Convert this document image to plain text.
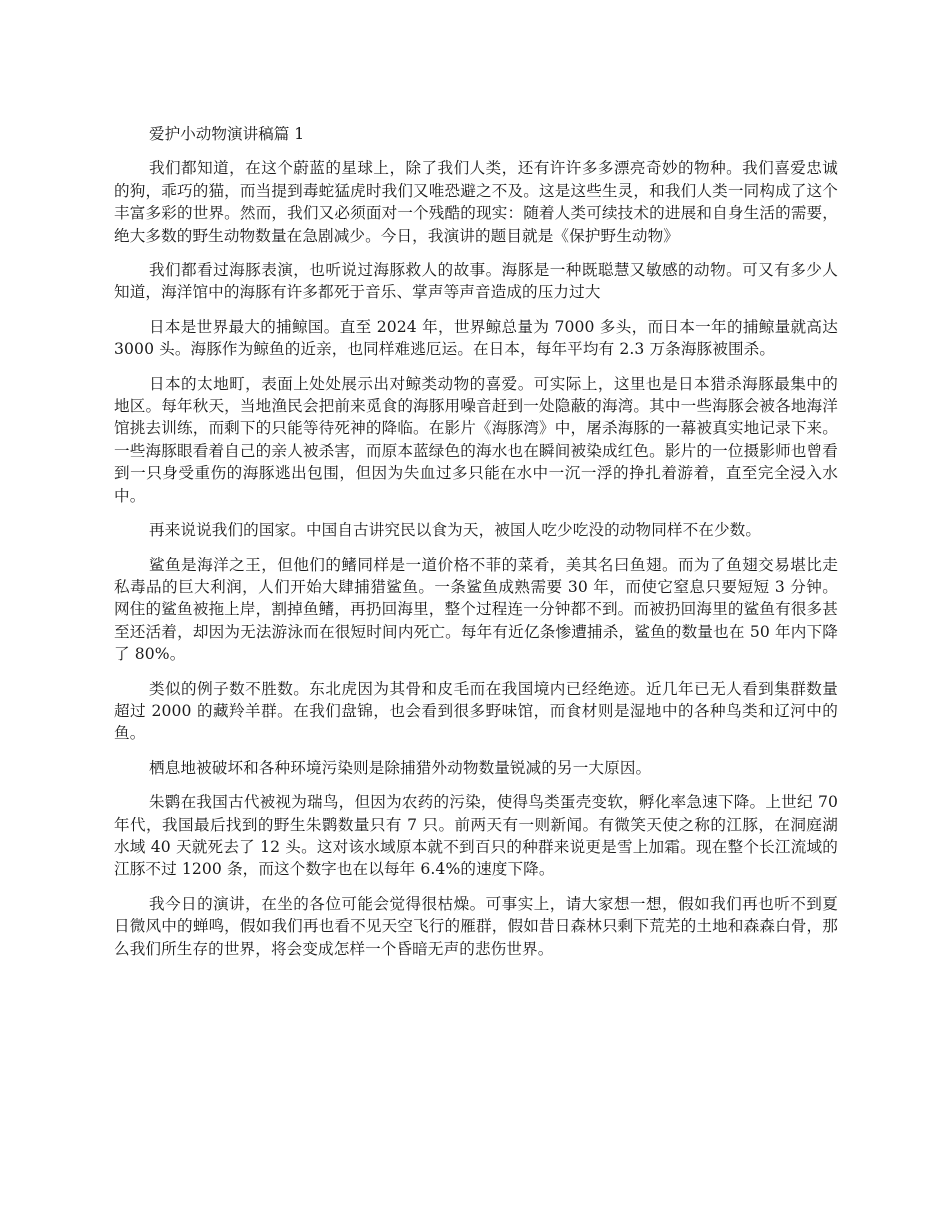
爱护小动物演讲稿篇 1

我们都知道，在这个蔚蓝的星球上，除了我们人类，还有许许多多漂亮奇妙的物种。我们喜爱忠诚的狗，乖巧的猫，而当提到毒蛇猛虎时我们又唯恐避之不及。这是这些生灵，和我们人类一同构成了这个丰富多彩的世界。然而，我们又必须面对一个残酷的现实：随着人类可续技术的进展和自身生活的需要，绝大多数的野生动物数量在急剧减少。今日，我演讲的题目就是《保护野生动物》

我们都看过海豚表演，也听说过海豚救人的故事。海豚是一种既聪慧又敏感的动物。可又有多少人知道，海洋馆中的海豚有许多都死于音乐、掌声等声音造成的压力过大

日本是世界最大的捕鲸国。直至 2024 年，世界鲸总量为 7000 多头，而日本一年的捕鲸量就高达 3000 头。海豚作为鲸鱼的近亲，也同样难逃厄运。在日本，每年平均有 2.3 万条海豚被围杀。

日本的太地町，表面上处处展示出对鲸类动物的喜爱。可实际上，这里也是日本猎杀海豚最集中的地区。每年秋天，当地渔民会把前来觅食的海豚用噪音赶到一处隐蔽的海湾。其中一些海豚会被各地海洋馆挑去训练，而剩下的只能等待死神的降临。在影片《海豚湾》中，屠杀海豚的一幕被真实地记录下来。一些海豚眼看着自己的亲人被杀害，而原本蓝绿色的海水也在瞬间被染成红色。影片的一位摄影师也曾看到一只身受重伤的海豚逃出包围，但因为失血过多只能在水中一沉一浮的挣扎着游着，直至完全浸入水中。

再来说说我们的国家。中国自古讲究民以食为天，被国人吃少吃没的动物同样不在少数。

鲨鱼是海洋之王，但他们的鳍同样是一道价格不菲的菜肴，美其名曰鱼翅。而为了鱼翅交易堪比走私毒品的巨大利润，人们开始大肆捕猎鲨鱼。一条鲨鱼成熟需要 30 年，而使它窒息只要短短 3 分钟。网住的鲨鱼被拖上岸，割掉鱼鳍，再扔回海里，整个过程连一分钟都不到。而被扔回海里的鲨鱼有很多甚至还活着，却因为无法游泳而在很短时间内死亡。每年有近亿条惨遭捕杀，鲨鱼的数量也在 50 年内下降了 80%。

类似的例子数不胜数。东北虎因为其骨和皮毛而在我国境内已经绝迹。近几年已无人看到集群数量超过 2000 的藏羚羊群。在我们盘锦，也会看到很多野味馆，而食材则是湿地中的各种鸟类和辽河中的鱼。

栖息地被破坏和各种环境污染则是除捕猎外动物数量锐减的另一大原因。

朱鹮在我国古代被视为瑞鸟，但因为农药的污染，使得鸟类蛋壳变软，孵化率急速下降。上世纪 70 年代，我国最后找到的野生朱鹮数量只有 7 只。前两天有一则新闻。有微笑天使之称的江豚，在洞庭湖水域 40 天就死去了 12 头。这对该水域原本就不到百只的种群来说更是雪上加霜。现在整个长江流域的江豚不过 1200 条，而这个数字也在以每年 6.4%的速度下降。

我今日的演讲，在坐的各位可能会觉得很枯燥。可事实上，请大家想一想，假如我们再也听不到夏日微风中的蝉鸣，假如我们再也看不见天空飞行的雁群，假如昔日森林只剩下荒芜的土地和森森白骨，那么我们所生存的世界，将会变成怎样一个昏暗无声的悲伤世界。
